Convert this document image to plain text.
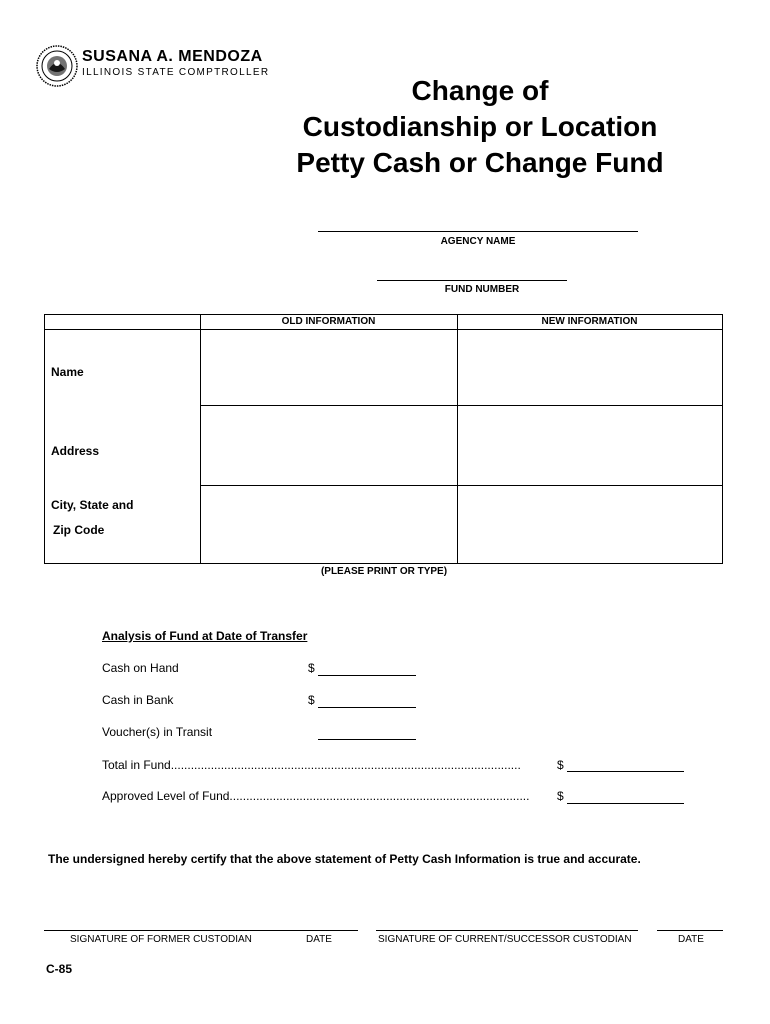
SUSANA A. MENDOZA
ILLINOIS STATE COMPTROLLER
Change of
Custodianship or Location
Petty Cash or Change Fund
AGENCY NAME
FUND NUMBER
OLD INFORMATION	NEW INFORMATION
Name
Address
City, State and
Zip Code
(PLEASE PRINT OR TYPE)
Analysis of Fund at Date of Transfer
Cash on Hand	$
Cash in Bank	$
Voucher(s) in Transit
Total in Fund.........................................................................................................	$
Approved Level of Fund..........................................................................................	$
The undersigned hereby certify that the above statement of Petty Cash Information is true and accurate.
SIGNATURE OF FORMER CUSTODIAN	DATE	SIGNATURE OF CURRENT/SUCCESSOR CUSTODIAN	DATE
C-85
